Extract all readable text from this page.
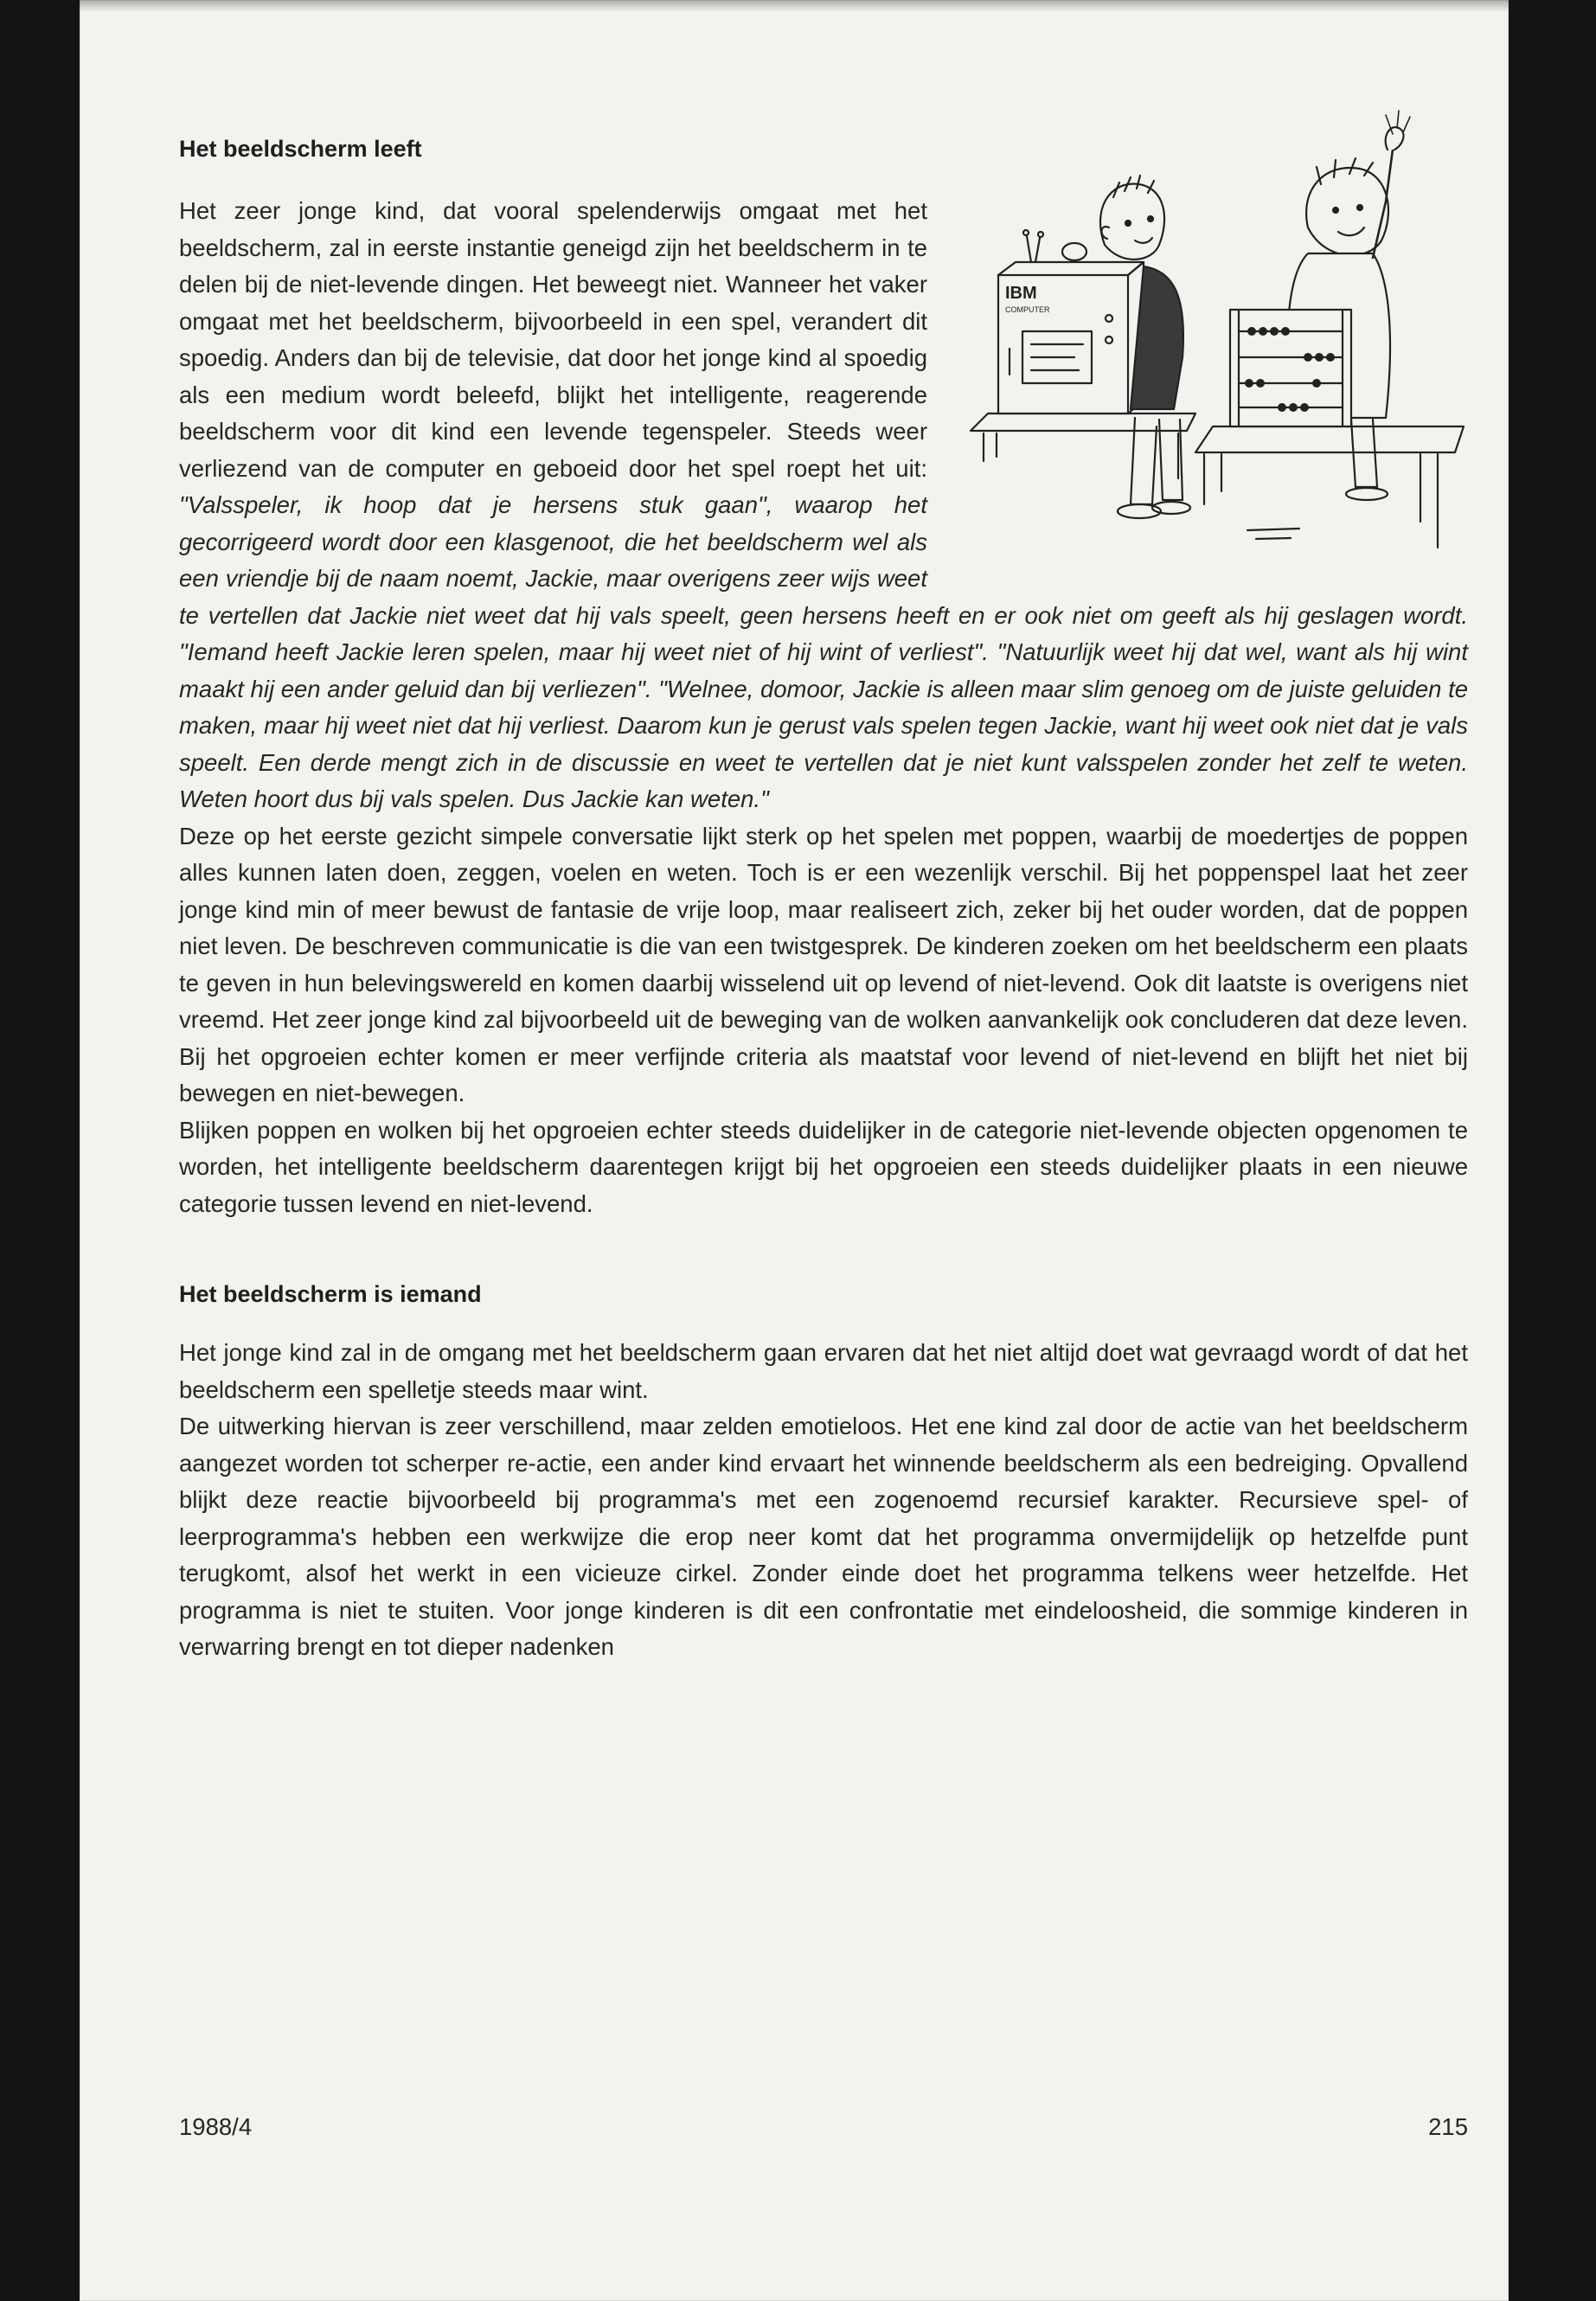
Het beeldscherm leeft
IBM
COMPUTER

Het zeer jonge kind, dat vooral spelenderwijs omgaat met het beeldscherm, zal in eerste instantie geneigd zijn het beeldscherm in te delen bij de niet-levende dingen. Het beweegt niet. Wanneer het vaker omgaat met het beeldscherm, bijvoorbeeld in een spel, verandert dit spoedig. Anders dan bij de televisie, dat door het jonge kind al spoedig als een medium wordt beleefd, blijkt het intelligente, reagerende beeldscherm voor dit kind een levende tegenspeler. Steeds weer verliezend van de computer en geboeid door het spel roept het uit: "Valsspeler, ik hoop dat je hersens stuk gaan", waarop het gecorrigeerd wordt door een klasgenoot, die het beeldscherm wel als een vriendje bij de naam noemt, Jackie, maar overigens zeer wijs weet te vertellen dat Jackie niet weet dat hij vals speelt, geen hersens heeft en er ook niet om geeft als hij geslagen wordt. "Iemand heeft Jackie leren spelen, maar hij weet niet of hij wint of verliest". "Natuurlijk weet hij dat wel, want als hij wint maakt hij een ander geluid dan bij verliezen". "Welnee, domoor, Jackie is alleen maar slim genoeg om de juiste geluiden te maken, maar hij weet niet dat hij verliest. Daarom kun je gerust vals spelen tegen Jackie, want hij weet ook niet dat je vals speelt. Een derde mengt zich in de discussie en weet te vertellen dat je niet kunt valsspelen zonder het zelf te weten. Weten hoort dus bij vals spelen. Dus Jackie kan weten."

Deze op het eerste gezicht simpele conversatie lijkt sterk op het spelen met poppen, waarbij de moedertjes de poppen alles kunnen laten doen, zeggen, voelen en weten. Toch is er een wezenlijk verschil. Bij het poppenspel laat het zeer jonge kind min of meer bewust de fantasie de vrije loop, maar realiseert zich, zeker bij het ouder worden, dat de poppen niet leven. De beschreven communicatie is die van een twistgesprek. De kinderen zoeken om het beeldscherm een plaats te geven in hun belevingswereld en komen daarbij wisselend uit op levend of niet-levend. Ook dit laatste is overigens niet vreemd. Het zeer jonge kind zal bijvoorbeeld uit de beweging van de wolken aanvankelijk ook concluderen dat deze leven. Bij het opgroeien echter komen er meer verfijnde criteria als maatstaf voor levend of niet-levend en blijft het niet bij bewegen en niet-bewegen.

Blijken poppen en wolken bij het opgroeien echter steeds duidelijker in de categorie niet-levende objecten opgenomen te worden, het intelligente beeldscherm daarentegen krijgt bij het opgroeien een steeds duidelijker plaats in een nieuwe categorie tussen levend en niet-levend.

Het beeldscherm is iemand

Het jonge kind zal in de omgang met het beeldscherm gaan ervaren dat het niet altijd doet wat gevraagd wordt of dat het beeldscherm een spelletje steeds maar wint.

De uitwerking hiervan is zeer verschillend, maar zelden emotieloos. Het ene kind zal door de actie van het beeldscherm aangezet worden tot scherper re-actie, een ander kind ervaart het winnende beeldscherm als een bedreiging. Opvallend blijkt deze reactie bijvoorbeeld bij programma's met een zogenoemd recursief karakter. Recursieve spel- of leerprogramma's hebben een werkwijze die erop neer komt dat het programma onvermijdelijk op hetzelfde punt terugkomt, alsof het werkt in een vicieuze cirkel. Zonder einde doet het programma telkens weer hetzelfde. Het programma is niet te stuiten. Voor jonge kinderen is dit een confrontatie met eindeloosheid, die sommige kinderen in verwarring brengt en tot dieper nadenken

1988/4	215
